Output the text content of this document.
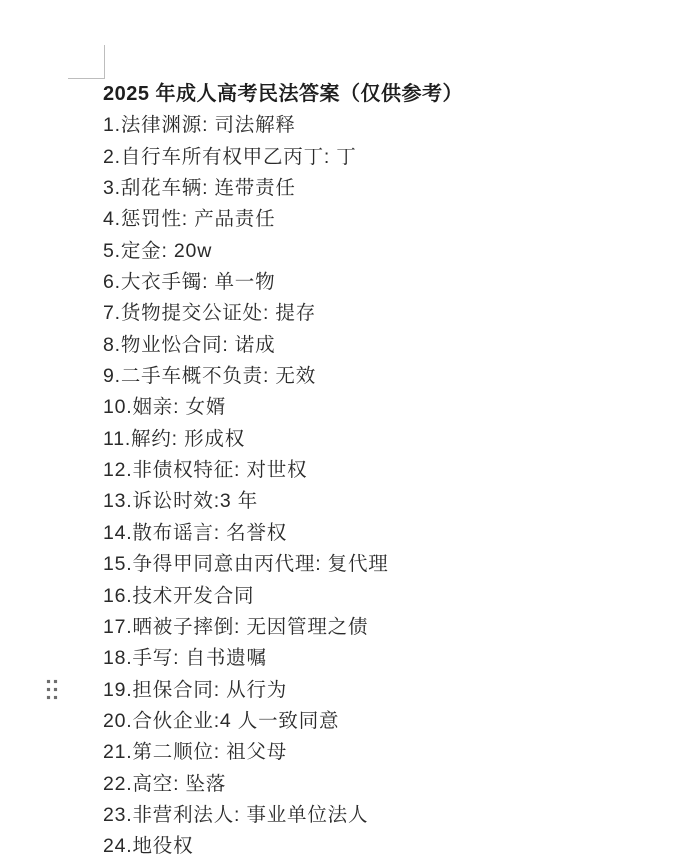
2025 年成人高考民法答案（仅供参考）
1.法律渊源: 司法解释
2.自行车所有权甲乙丙丁: 丁
3.刮花车辆: 连带责任
4.惩罚性: 产品责任
5.定金: 20w
6.大衣手镯: 单一物
7.货物提交公证处: 提存
8.物业忪合同: 诺成
9.二手车概不负责: 无效
10.姻亲: 女婿
11.解约: 形成权
12.非债权特征: 对世权
13.诉讼时效:3 年
14.散布谣言: 名誉权
15.争得甲同意由丙代理: 复代理
16.技术开发合同
17.晒被子摔倒: 无因管理之债
18.手写: 自书遗嘱
19.担保合同: 从行为
20.合伙企业:4 人一致同意
21.第二顺位: 祖父母
22.高空: 坠落
23.非营利法人: 事业单位法人
24.地役权
